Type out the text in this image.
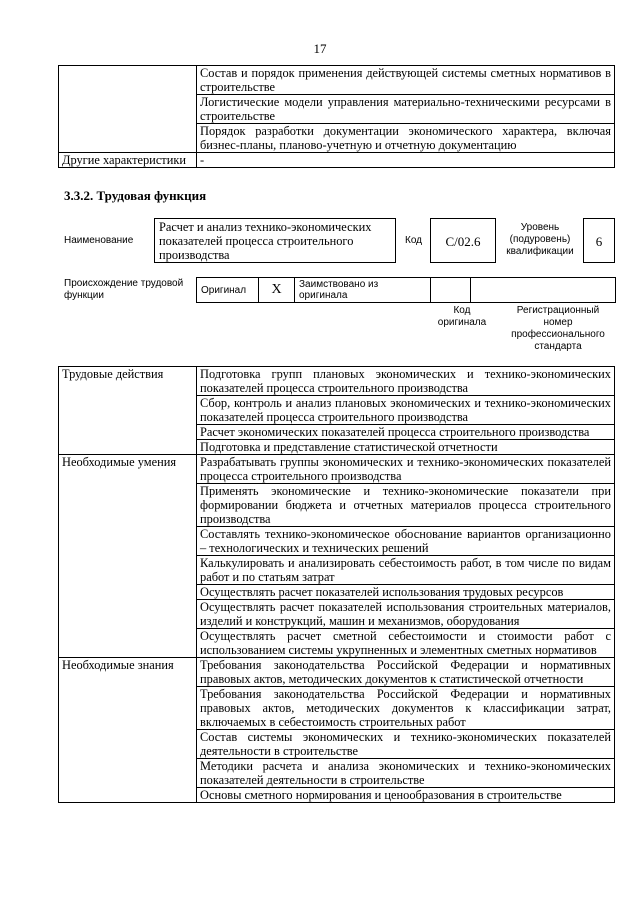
17
	Состав и порядок применения действующей системы сметных нормативов в строительстве
	Логистические модели управления материально-техническими ресурсами в строительстве
	Порядок разработки документации экономического характера, включая бизнес-планы, планово-учетную и отчетную документацию
Другие характеристики	-
3.3.2. Трудовая функция
Наименование
Расчет и анализ технико-экономических показателей процесса строительного производства
Код	С/02.6
Уровень (подуровень) квалификации
6
Происхождение трудовой функции	Оригинал	X	Заимствовано из оригинала		
Код оригинала
Регистрационный номер профессионального стандарта
Трудовые действия	Подготовка групп плановых экономических и технико-экономических показателей процесса строительного производства
	Сбор, контроль и анализ плановых экономических и технико-экономических показателей процесса строительного производства
	Расчет экономических показателей процесса строительного производства
	Подготовка и представление статистической отчетности
Необходимые умения	Разрабатывать группы экономических и технико-экономических показателей процесса строительного производства
	Применять экономические и технико-экономические показатели при формировании бюджета и отчетных материалов процесса строительного производства
	Составлять технико-экономическое обоснование вариантов организационно – технологических и технических решений
	Калькулировать и анализировать себестоимость работ, в том числе по видам работ и по статьям затрат
	Осуществлять расчет показателей использования трудовых ресурсов
	Осуществлять расчет показателей использования строительных материалов, изделий и конструкций, машин и механизмов, оборудования
	Осуществлять расчет сметной себестоимости и стоимости работ с использованием системы укрупненных и элементных сметных нормативов
Необходимые знания	Требования законодательства Российской Федерации и нормативных правовых актов, методических документов к статистической отчетности
	Требования законодательства Российской Федерации и нормативных правовых актов, методических документов к классификации затрат, включаемых в себестоимость строительных работ
	Состав системы экономических и технико-экономических показателей деятельности в строительстве
	Методики расчета и анализа экономических и технико-экономических показателей деятельности в строительстве
	Основы сметного нормирования и ценообразования в строительстве
